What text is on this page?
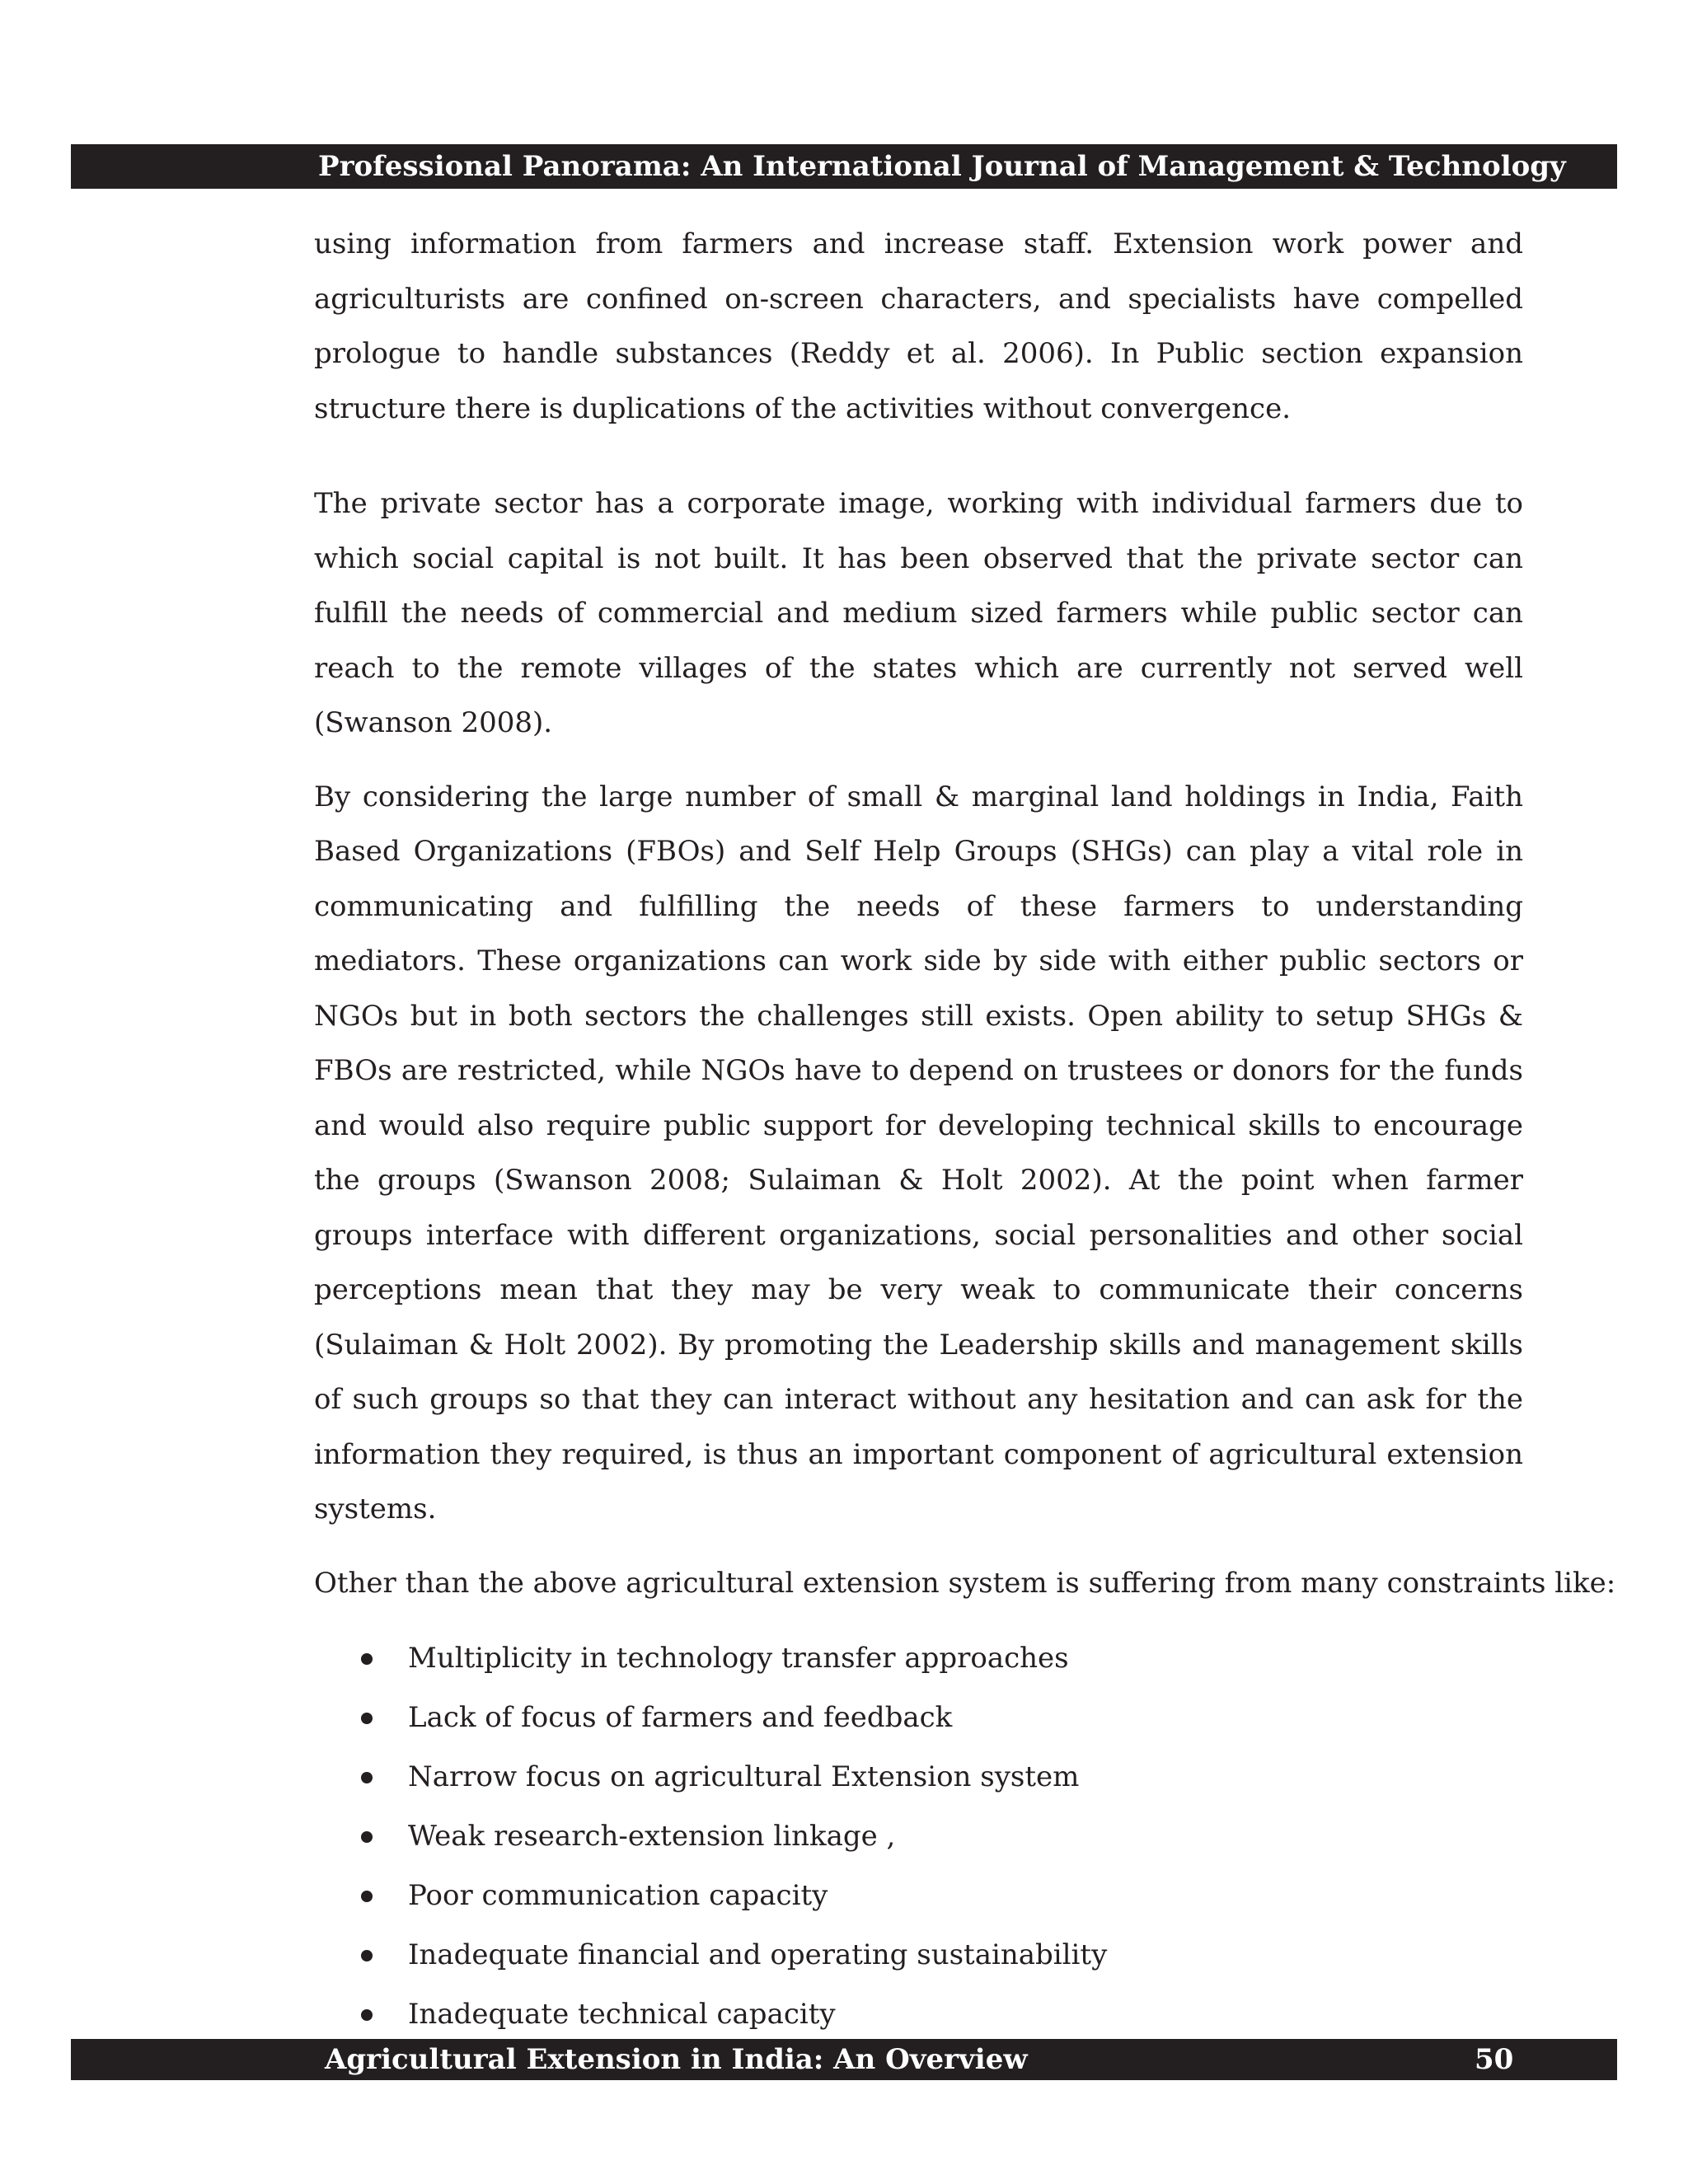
Professional Panorama: An International Journal of Management & Technology

using information from farmers and increase staff. Extension work power and agriculturists are confined on-screen characters, and specialists have compelled prologue to handle substances (Reddy et al. 2006). In Public section expansion structure there is duplications of the activities without convergence.

The private sector has a corporate image, working with individual farmers due to which social capital is not built. It has been observed that the private sector can fulfill the needs of commercial and medium sized farmers while public sector can reach to the remote villages of the states which are currently not served well (Swanson 2008).

By considering the large number of small & marginal land holdings in India, Faith Based Organizations (FBOs) and Self Help Groups (SHGs) can play a vital role in communicating and fulfilling the needs of these farmers to understanding mediators. These organizations can work side by side with either public sectors or NGOs but in both sectors the challenges still exists. Open ability to setup SHGs & FBOs are restricted, while NGOs have to depend on trustees or donors for the funds and would also require public support for developing technical skills to encourage the groups (Swanson 2008; Sulaiman & Holt 2002). At the point when farmer groups interface with different organizations, social personalities and other social perceptions mean that they may be very weak to communicate their concerns (Sulaiman & Holt 2002). By promoting the Leadership skills and management skills of such groups so that they can interact without any hesitation and can ask for the information they required, is thus an important component of agricultural extension systems.

Other than the above agricultural extension system is suffering from many constraints like:

Multiplicity in technology transfer approaches
Lack of focus of farmers and feedback
Narrow focus on agricultural Extension system
Weak research-extension linkage ,
Poor communication capacity
Inadequate financial and operating sustainability
Inadequate technical capacity
Agricultural Extension in India: An Overview	50
